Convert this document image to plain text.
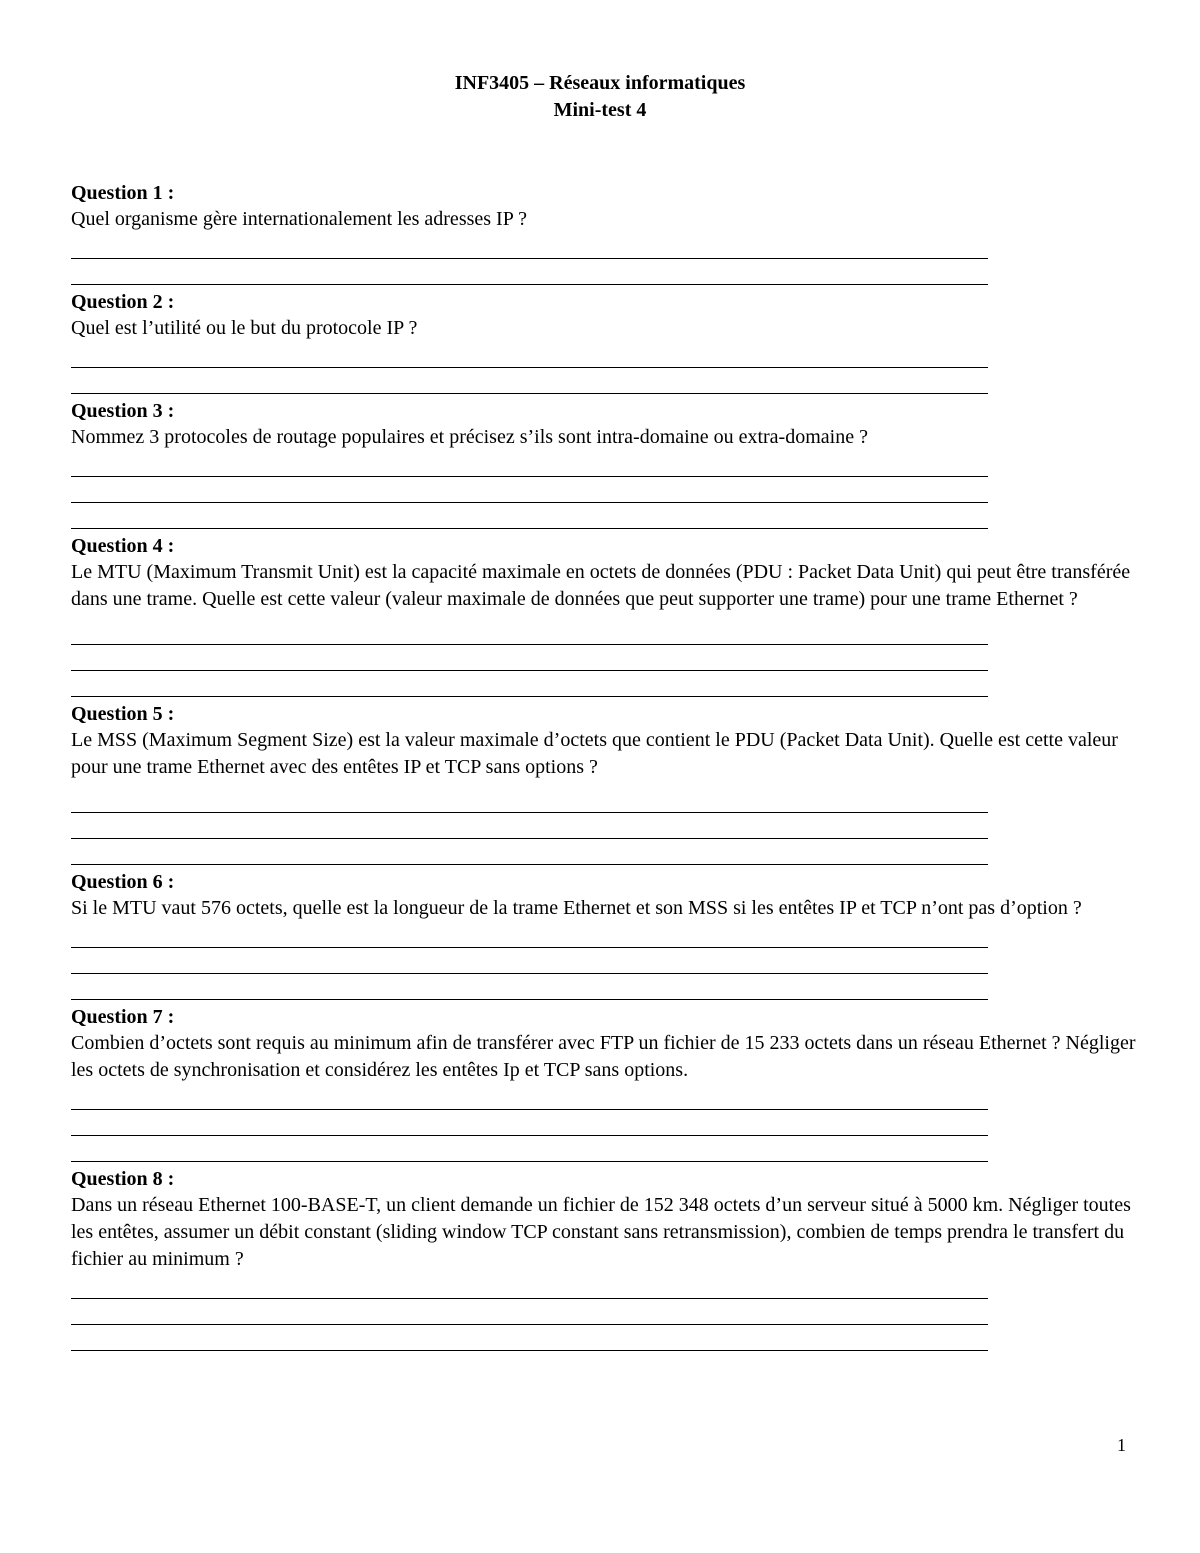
INF3405 – Réseaux informatiques
Mini-test 4
Question 1 :
Quel organisme gère internationalement les adresses IP ?
Question 2 :
Quel est l’utilité ou le but du protocole IP ?
Question 3 :
Nommez 3 protocoles de routage populaires et précisez s’ils sont intra-domaine ou extra-domaine ?
Question 4 :
Le MTU (Maximum Transmit Unit) est la capacité maximale en octets de données (PDU : Packet Data Unit) qui peut être transférée dans une trame. Quelle est cette valeur (valeur maximale de données que peut supporter une trame) pour une trame Ethernet ?
Question 5 :
Le MSS (Maximum Segment Size) est la valeur maximale d’octets que contient le PDU (Packet Data Unit). Quelle est cette valeur pour une trame Ethernet avec des entêtes IP et TCP sans options ?
Question 6 :
Si le MTU vaut 576 octets, quelle est la longueur de la trame Ethernet et son MSS si les entêtes IP et TCP n’ont pas d’option ?
Question 7 :
Combien d’octets sont requis au minimum afin de transférer avec FTP un fichier de 15 233 octets dans un réseau Ethernet ? Négliger les octets de synchronisation et considérez les entêtes Ip et TCP sans options.
Question 8 :
Dans un réseau Ethernet 100-BASE-T, un client demande un fichier de 152 348 octets d’un serveur situé à 5000 km. Négliger toutes les entêtes, assumer un débit constant (sliding window TCP constant sans retransmission), combien de temps prendra le transfert du fichier au minimum ?
1
